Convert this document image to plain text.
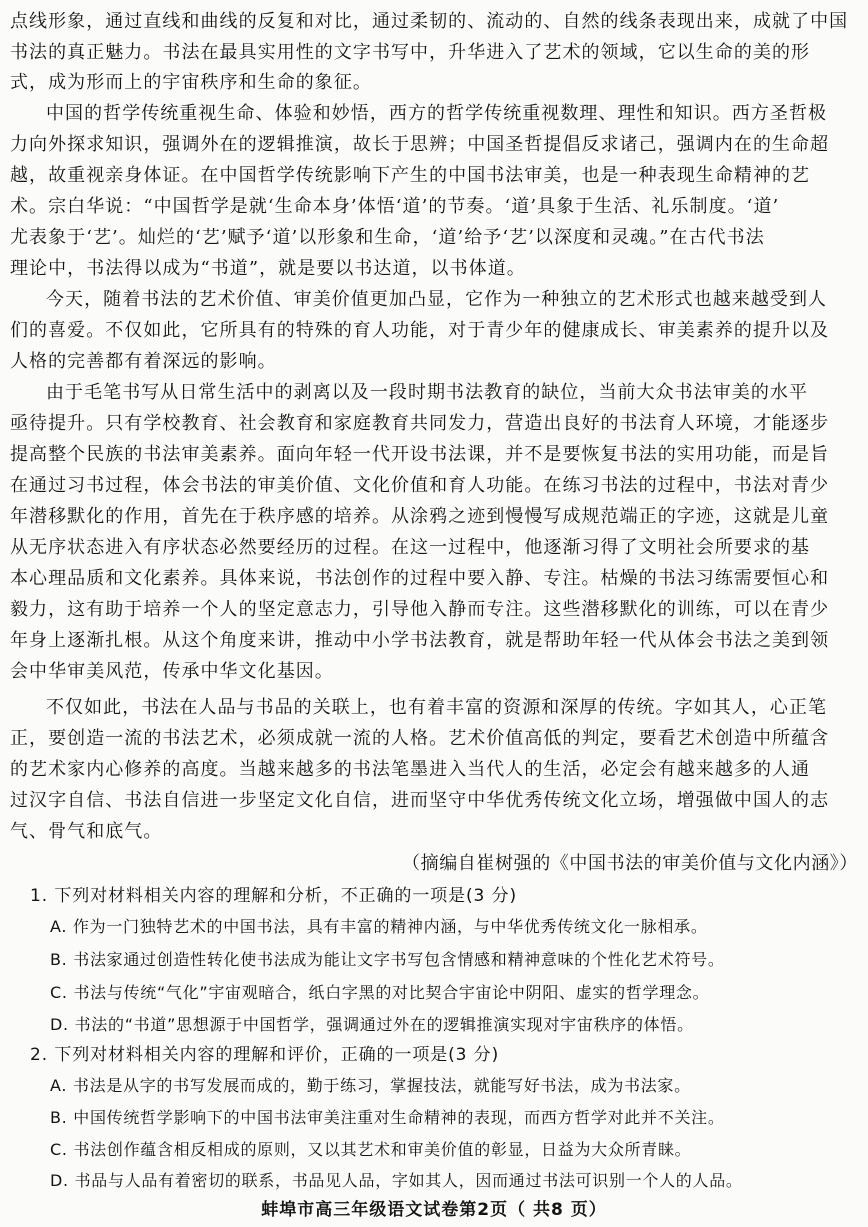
点线形象，通过直线和曲线的反复和对比，通过柔韧的、流动的、自然的线条表现出来，成就了中国
书法的真正魅力。书法在最具实用性的文字书写中，升华进入了艺术的领域，它以生命的美的形
式，成为形而上的宇宙秩序和生命的象征。
中国的哲学传统重视生命、体验和妙悟，西方的哲学传统重视数理、理性和知识。西方圣哲极
力向外探求知识，强调外在的逻辑推演，故长于思辨；中国圣哲提倡反求诸己，强调内在的生命超
越，故重视亲身体证。在中国哲学传统影响下产生的中国书法审美，也是一种表现生命精神的艺
术。宗白华说：“中国哲学是就‘生命本身’体悟‘道’的节奏。‘道’具象于生活、礼乐制度。‘道’
尤表象于‘艺’。灿烂的‘艺’赋予‘道’以形象和生命，‘道’给予‘艺’以深度和灵魂。”在古代书法
理论中，书法得以成为“书道”，就是要以书达道，以书体道。
今天，随着书法的艺术价值、审美价值更加凸显，它作为一种独立的艺术形式也越来越受到人
们的喜爱。不仅如此，它所具有的特殊的育人功能，对于青少年的健康成长、审美素养的提升以及
人格的完善都有着深远的影响。
由于毛笔书写从日常生活中的剥离以及一段时期书法教育的缺位，当前大众书法审美的水平
亟待提升。只有学校教育、社会教育和家庭教育共同发力，营造出良好的书法育人环境，才能逐步
提高整个民族的书法审美素养。面向年轻一代开设书法课，并不是要恢复书法的实用功能，而是旨
在通过习书过程，体会书法的审美价值、文化价值和育人功能。在练习书法的过程中，书法对青少
年潜移默化的作用，首先在于秩序感的培养。从涂鸦之迹到慢慢写成规范端正的字迹，这就是儿童
从无序状态进入有序状态必然要经历的过程。在这一过程中，他逐渐习得了文明社会所要求的基
本心理品质和文化素养。具体来说，书法创作的过程中要入静、专注。枯燥的书法习练需要恒心和
毅力，这有助于培养一个人的坚定意志力，引导他入静而专注。这些潜移默化的训练，可以在青少
年身上逐渐扎根。从这个角度来讲，推动中小学书法教育，就是帮助年轻一代从体会书法之美到领
会中华审美风范，传承中华文化基因。
不仅如此，书法在人品与书品的关联上，也有着丰富的资源和深厚的传统。字如其人，心正笔
正，要创造一流的书法艺术，必须成就一流的人格。艺术价值高低的判定，要看艺术创造中所蕴含
的艺术家内心修养的高度。当越来越多的书法笔墨进入当代人的生活，必定会有越来越多的人通
过汉字自信、书法自信进一步坚定文化自信，进而坚守中华优秀传统文化立场，增强做中国人的志
气、骨气和底气。
（摘编自崔树强的《中国书法的审美价值与文化内涵》）
1. 下列对材料相关内容的理解和分析，不正确的一项是(3 分)
A. 作为一门独特艺术的中国书法，具有丰富的精神内涵，与中华优秀传统文化一脉相承。
B. 书法家通过创造性转化使书法成为能让文字书写包含情感和精神意味的个性化艺术符号。
C. 书法与传统“气化”宇宙观暗合，纸白字黑的对比契合宇宙论中阴阳、虚实的哲学理念。
D. 书法的“书道”思想源于中国哲学，强调通过外在的逻辑推演实现对宇宙秩序的体悟。
2. 下列对材料相关内容的理解和评价，正确的一项是(3 分)
A. 书法是从字的书写发展而成的，勤于练习，掌握技法，就能写好书法，成为书法家。
B. 中国传统哲学影响下的中国书法审美注重对生命精神的表现，而西方哲学对此并不关注。
C. 书法创作蕴含相反相成的原则，又以其艺术和审美价值的彰显，日益为大众所青睐。
D. 书品与人品有着密切的联系，书品见人品，字如其人，因而通过书法可识别一个人的人品。
蚌埠市高三年级语文试卷第2页（ 共8 页）
